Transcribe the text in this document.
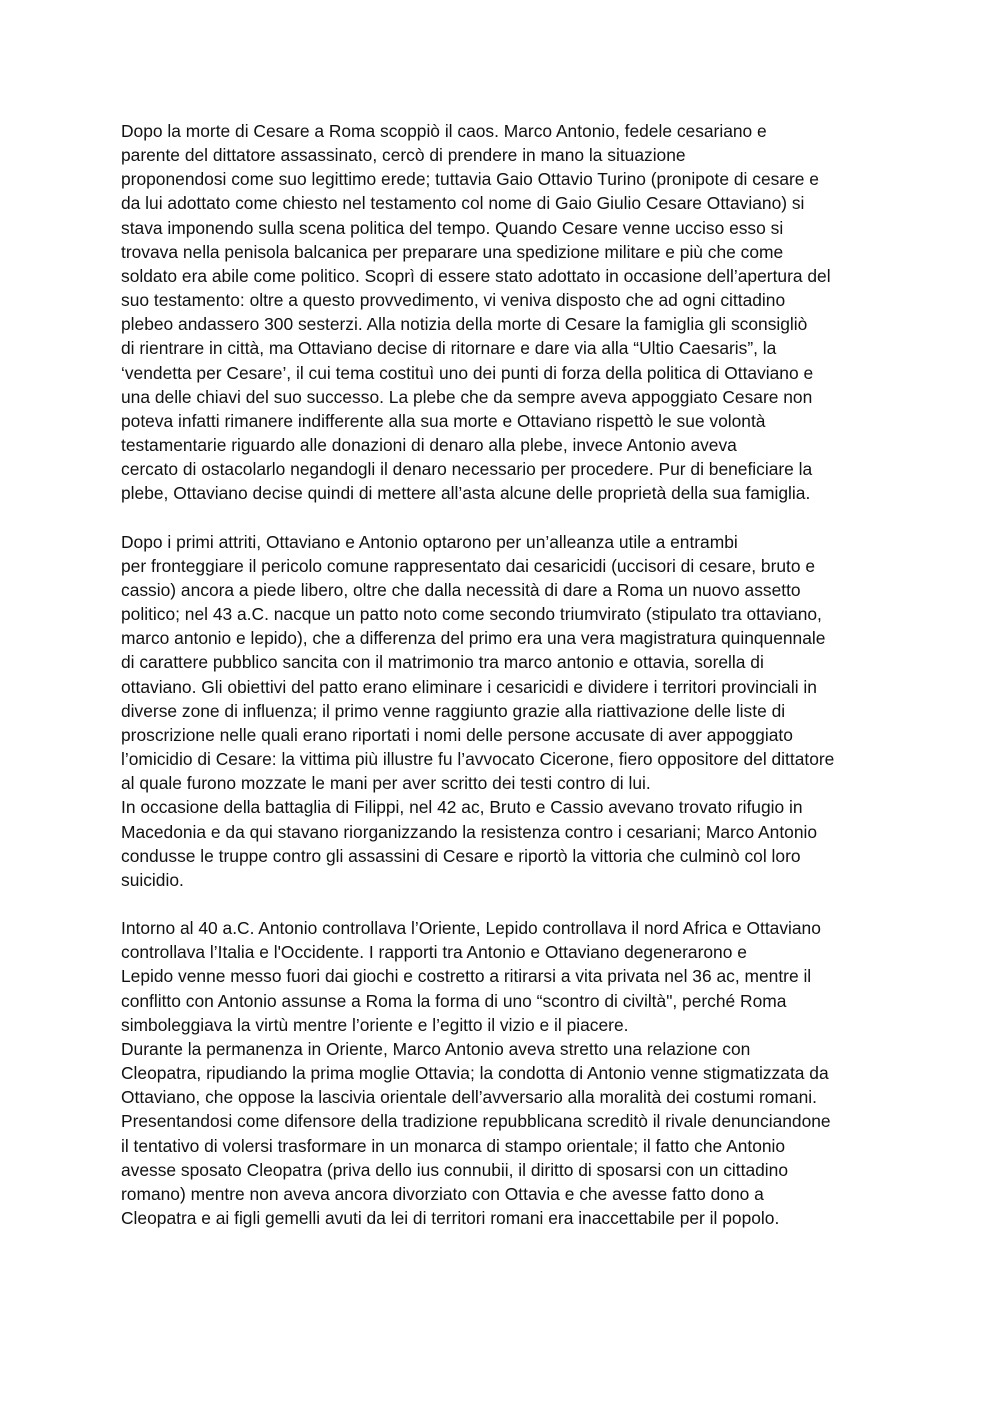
Dopo la morte di Cesare a Roma scoppiò il caos. Marco Antonio, fedele cesariano e
parente del dittatore assassinato, cercò di prendere in mano la situazione
proponendosi come suo legittimo erede; tuttavia Gaio Ottavio Turino (pronipote di cesare e
da lui adottato come chiesto nel testamento col nome di Gaio Giulio Cesare Ottaviano) si
stava imponendo sulla scena politica del tempo. Quando Cesare venne ucciso esso si
trovava nella penisola balcanica per preparare una spedizione militare e più che come
soldato era abile come politico. Scoprì di essere stato adottato in occasione dell’apertura del
suo testamento: oltre a questo provvedimento, vi veniva disposto che ad ogni cittadino
plebeo andassero 300 sesterzi. Alla notizia della morte di Cesare la famiglia gli sconsigliò
di rientrare in città, ma Ottaviano decise di ritornare e dare via alla “Ultio Caesaris”, la
‘vendetta per Cesare’, il cui tema costituì uno dei punti di forza della politica di Ottaviano e
una delle chiavi del suo successo. La plebe che da sempre aveva appoggiato Cesare non
poteva infatti rimanere indifferente alla sua morte e Ottaviano rispettò le sue volontà
testamentarie riguardo alle donazioni di denaro alla plebe, invece Antonio aveva
cercato di ostacolarlo negandogli il denaro necessario per procedere. Pur di beneficiare la
plebe, Ottaviano decise quindi di mettere all’asta alcune delle proprietà della sua famiglia.

Dopo i primi attriti, Ottaviano e Antonio optarono per un’alleanza utile a entrambi
per fronteggiare il pericolo comune rappresentato dai cesaricidi (uccisori di cesare, bruto e
cassio) ancora a piede libero, oltre che dalla necessità di dare a Roma un nuovo assetto
politico; nel 43 a.C. nacque un patto noto come secondo triumvirato (stipulato tra ottaviano,
marco antonio e lepido), che a differenza del primo era una vera magistratura quinquennale
di carattere pubblico sancita con il matrimonio tra marco antonio e ottavia, sorella di
ottaviano. Gli obiettivi del patto erano eliminare i cesaricidi e dividere i territori provinciali in
diverse zone di influenza; il primo venne raggiunto grazie alla riattivazione delle liste di
proscrizione nelle quali erano riportati i nomi delle persone accusate di aver appoggiato
l’omicidio di Cesare: la vittima più illustre fu l’avvocato Cicerone, fiero oppositore del dittatore
al quale furono mozzate le mani per aver scritto dei testi contro di lui.

In occasione della battaglia di Filippi, nel 42 ac, Bruto e Cassio avevano trovato rifugio in
Macedonia e da qui stavano riorganizzando la resistenza contro i cesariani; Marco Antonio
condusse le truppe contro gli assassini di Cesare e riportò la vittoria che culminò col loro
suicidio.

Intorno al 40 a.C. Antonio controllava l’Oriente, Lepido controllava il nord Africa e Ottaviano
controllava l’Italia e l'Occidente. I rapporti tra Antonio e Ottaviano degenerarono e
Lepido venne messo fuori dai giochi e costretto a ritirarsi a vita privata nel 36 ac, mentre il
conflitto con Antonio assunse a Roma la forma di uno “scontro di civiltà", perché Roma
simboleggiava la virtù mentre l’oriente e l’egitto il vizio e il piacere.

Durante la permanenza in Oriente, Marco Antonio aveva stretto una relazione con
Cleopatra, ripudiando la prima moglie Ottavia; la condotta di Antonio venne stigmatizzata da
Ottaviano, che oppose la lascivia orientale dell’avversario alla moralità dei costumi romani.
Presentandosi come difensore della tradizione repubblicana screditò il rivale denunciandone
il tentativo di volersi trasformare in un monarca di stampo orientale; il fatto che Antonio
avesse sposato Cleopatra (priva dello ius connubii, il diritto di sposarsi con un cittadino
romano) mentre non aveva ancora divorziato con Ottavia e che avesse fatto dono a
Cleopatra e ai figli gemelli avuti da lei di territori romani era inaccettabile per il popolo.
